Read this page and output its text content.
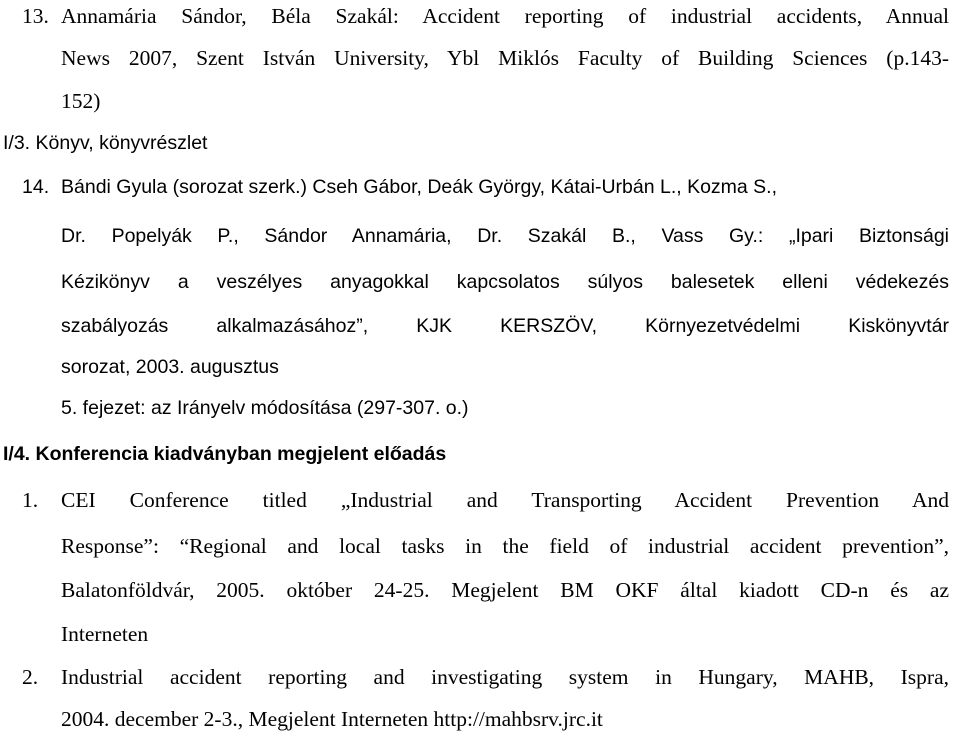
13. Annamária Sándor, Béla Szakál: Accident reporting of industrial accidents, Annual
News 2007, Szent István University, Ybl Miklós Faculty of Building Sciences (p.143-
152)
I/3. Könyv, könyvrészlet
14. Bándi Gyula (sorozat szerk.) Cseh Gábor, Deák György, Kátai-Urbán L., Kozma S.,
Dr. Popelyák P., Sándor Annamária, Dr. Szakál B., Vass Gy.: „Ipari Biztonsági
Kézikönyv a veszélyes anyagokkal kapcsolatos súlyos balesetek elleni védekezés
szabályozás alkalmazásához”, KJK KERSZÖV, Környezetvédelmi Kiskönyvtár
sorozat, 2003. augusztus
5. fejezet: az Irányelv módosítása (297-307. o.)
I/4. Konferencia kiadványban megjelent előadás
1. CEI Conference titled „Industrial and Transporting Accident Prevention And
Response”: “Regional and local tasks in the field of industrial accident prevention”,
Balatonföldvár, 2005. október 24-25. Megjelent BM OKF által kiadott CD-n és az
Interneten
2. Industrial accident reporting and investigating system in Hungary, MAHB, Ispra,
2004. december 2-3., Megjelent Interneten http://mahbsrv.jrc.it
